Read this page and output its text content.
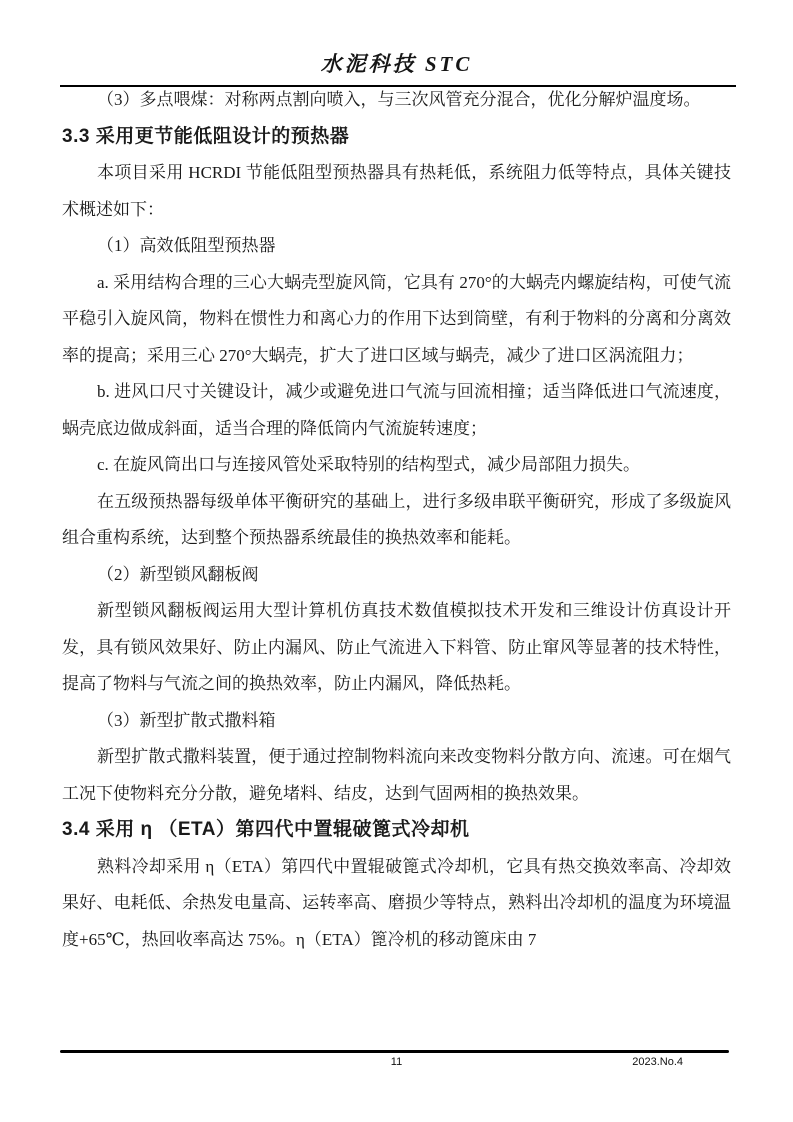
水泥科技 STC

（3）多点喂煤：对称两点割向喷入，与三次风管充分混合，优化分解炉温度场。

3.3 采用更节能低阻设计的预热器

本项目采用 HCRDI 节能低阻型预热器具有热耗低，系统阻力低等特点，具体关键技术概述如下：

（1）高效低阻型预热器

a. 采用结构合理的三心大蜗壳型旋风筒，它具有 270°的大蜗壳内螺旋结构，可使气流平稳引入旋风筒，物料在惯性力和离心力的作用下达到筒壁，有利于物料的分离和分离效率的提高；采用三心 270°大蜗壳，扩大了进口区域与蜗壳，减少了进口区涡流阻力；

b. 进风口尺寸关键设计，减少或避免进口气流与回流相撞；适当降低进口气流速度，蜗壳底边做成斜面，适当合理的降低筒内气流旋转速度；

c. 在旋风筒出口与连接风管处采取特别的结构型式，减少局部阻力损失。

在五级预热器每级单体平衡研究的基础上，进行多级串联平衡研究，形成了多级旋风组合重构系统，达到整个预热器系统最佳的换热效率和能耗。

（2）新型锁风翻板阀

新型锁风翻板阀运用大型计算机仿真技术数值模拟技术开发和三维设计仿真设计开发，具有锁风效果好、防止内漏风、防止气流进入下料管、防止窜风等显著的技术特性，提高了物料与气流之间的换热效率，防止内漏风，降低热耗。

（3）新型扩散式撒料箱

新型扩散式撒料装置，便于通过控制物料流向来改变物料分散方向、流速。可在烟气工况下使物料充分分散，避免堵料、结皮，达到气固两相的换热效果。

3.4 采用 η （ETA）第四代中置辊破篦式冷却机

熟料冷却采用 η（ETA）第四代中置辊破篦式冷却机，它具有热交换效率高、冷却效果好、电耗低、余热发电量高、运转率高、磨损少等特点，熟料出冷却机的温度为环境温度+65℃，热回收率高达 75%。η（ETA）篦冷机的移动篦床由 7

11	2023.No.4
